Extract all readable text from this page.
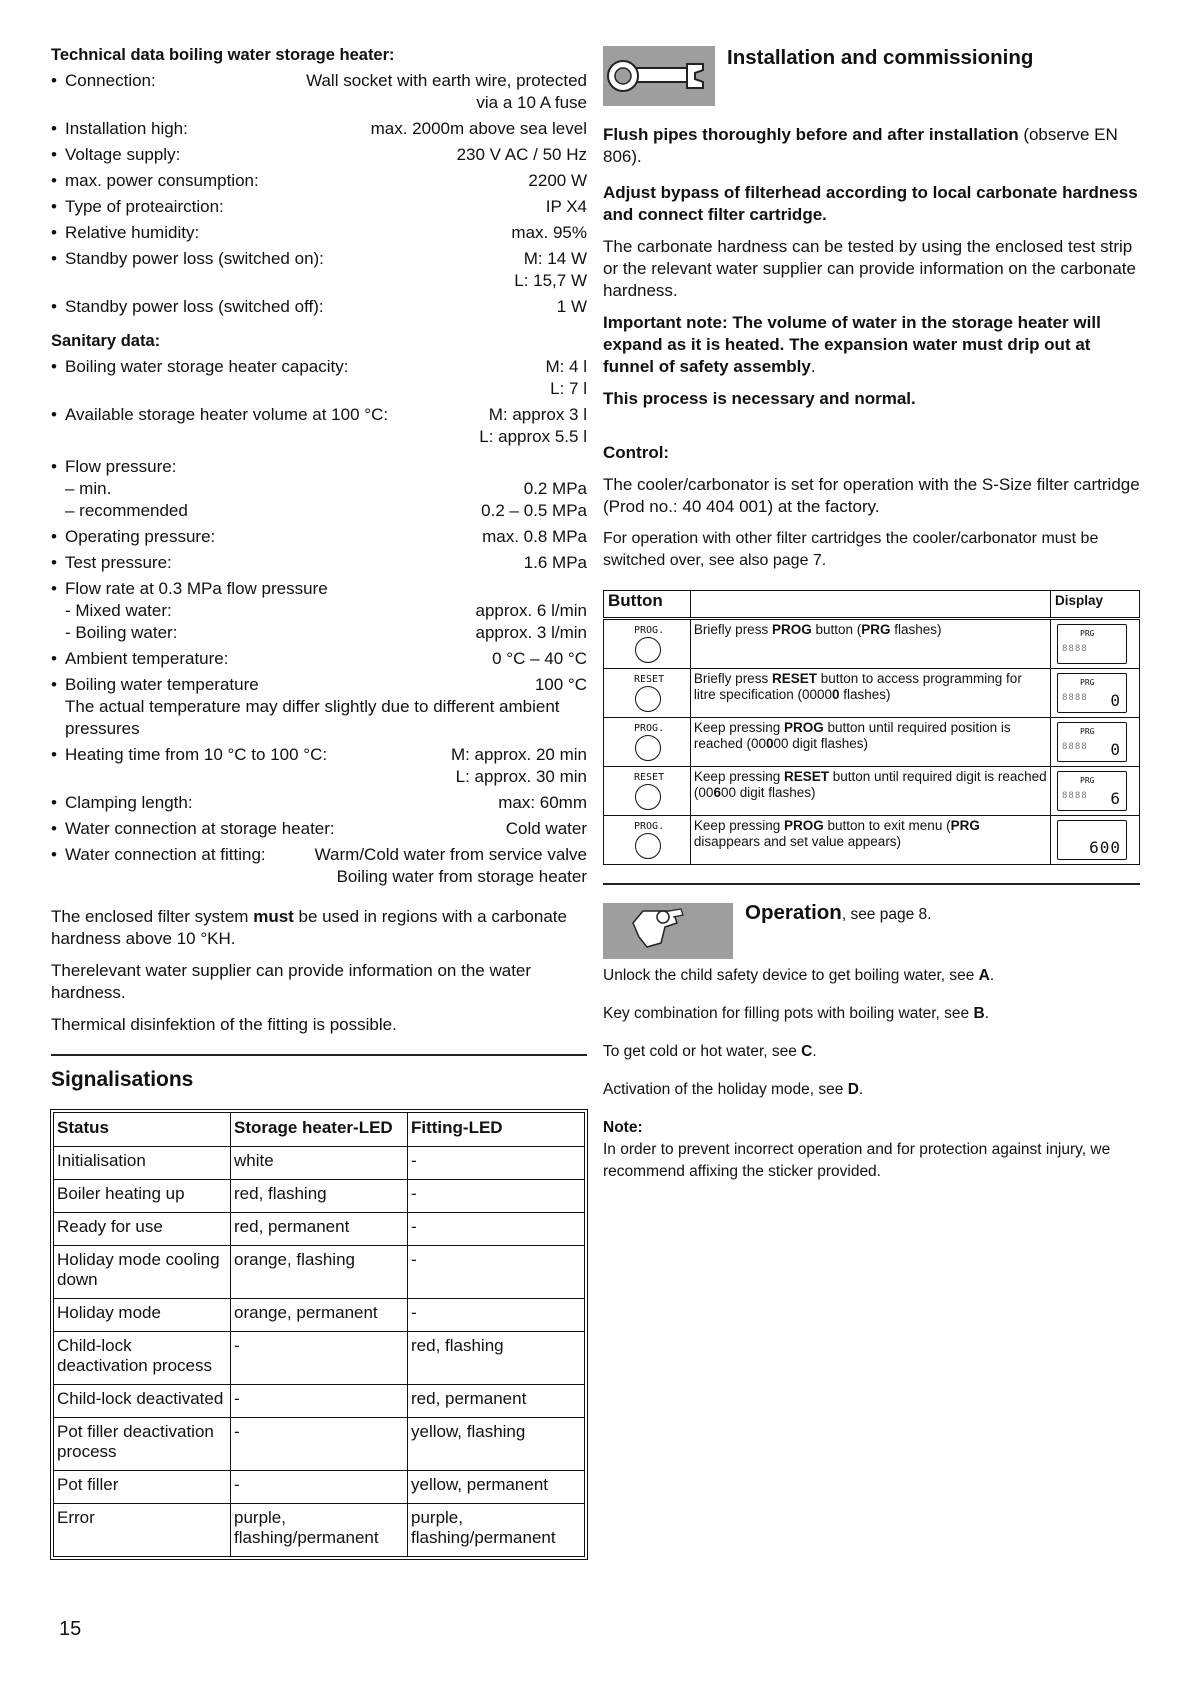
Technical data boiling water storage heater:
• Connection:	Wall socket with earth wire, protected
via a 10 A fuse
• Installation high:	max. 2000m above sea level
• Voltage supply:	230 V AC / 50 Hz
• max. power consumption:	2200 W
• Type of proteairction:	IP X4
• Relative humidity:	max. 95%
• Standby power loss (switched on):	M: 14 W
L: 15,7 W
• Standby power loss (switched off):	1 W
Sanitary data:
• Boiling water storage heater capacity:	M: 4 l
L: 7 l
• Available storage heater volume at 100 °C:	M: approx 3 l
L: approx 5.5 l
• Flow pressure:
– min.	0.2 MPa
– recommended	0.2 – 0.5 MPa
• Operating pressure:	max. 0.8 MPa
• Test pressure:	1.6 MPa
• Flow rate at 0.3 MPa flow pressure
- Mixed water:	approx. 6 l/min
- Boiling water:	approx. 3 l/min
• Ambient temperature:	0 °C – 40 °C
• Boiling water temperature	100 °C
The actual temperature may differ slightly due to different ambient pressures
• Heating time from 10 °C to 100 °C:	M: approx. 20 min
L: approx. 30 min
• Clamping length:	max: 60mm
• Water connection at storage heater:	Cold water
• Water connection at fitting:	Warm/Cold water from service valve
Boiling water from storage heater

The enclosed filter system must be used in regions with a carbonate hardness above 10 °KH.

Therelevant water supplier can provide information on the water hardness.

Thermical disinfektion of the fitting is possible.

Signalisations
Status	Storage heater-LED	Fitting-LED
Initialisation	white	-
Boiler heating up	red, flashing	-
Ready for use	red, permanent	-
Holiday mode cooling down	orange, flashing	-
Holiday mode	orange, permanent	-
Child-lock deactivation process	-	red, flashing
Child-lock deactivated	-	red, permanent
Pot filler deactivation process	-	yellow, flashing
Pot filler	-	yellow, permanent
Error	purple, flashing/permanent	purple, flashing/permanent
15
Installation and commissioning

Flush pipes thoroughly before and after installation (observe EN 806).

Adjust bypass of filterhead according to local carbonate hardness and connect filter cartridge.

The carbonate hardness can be tested by using the enclosed test strip or the relevant water supplier can provide information on the carbonate hardness.

Important note: The volume of water in the storage heater will expand as it is heated. The expansion water must drip out at funnel of safety assembly.

This process is necessary and normal.

Control:

The cooler/carbonator is set for operation with the S-Size filter cartridge (Prod no.: 40 404 001) at the factory.

For operation with other filter cartridges the cooler/carbonator must be switched over, see also page 7.

Button		Display

PROG.	Briefly press PROG button (PRG flashes)	PRG
8888

RESET	Briefly press RESET button to access programming for litre specification (00000 flashes)	PRG
8888 0

PROG.	Keep pressing PROG button until required position is reached (00000 digit flashes)	PRG
8888 0

RESET	Keep pressing RESET button until required digit is reached (00600 digit flashes)	PRG
8888 6

PROG.	Keep pressing PROG button to exit menu (PRG disappears and set value appears)	600
Operation, see page 8.

Unlock the child safety device to get boiling water, see A.

Key combination for filling pots with boiling water, see B.

To get cold or hot water, see C.

Activation of the holiday mode, see D.

Note:

In order to prevent incorrect operation and for protection against injury, we recommend affixing the sticker provided.
